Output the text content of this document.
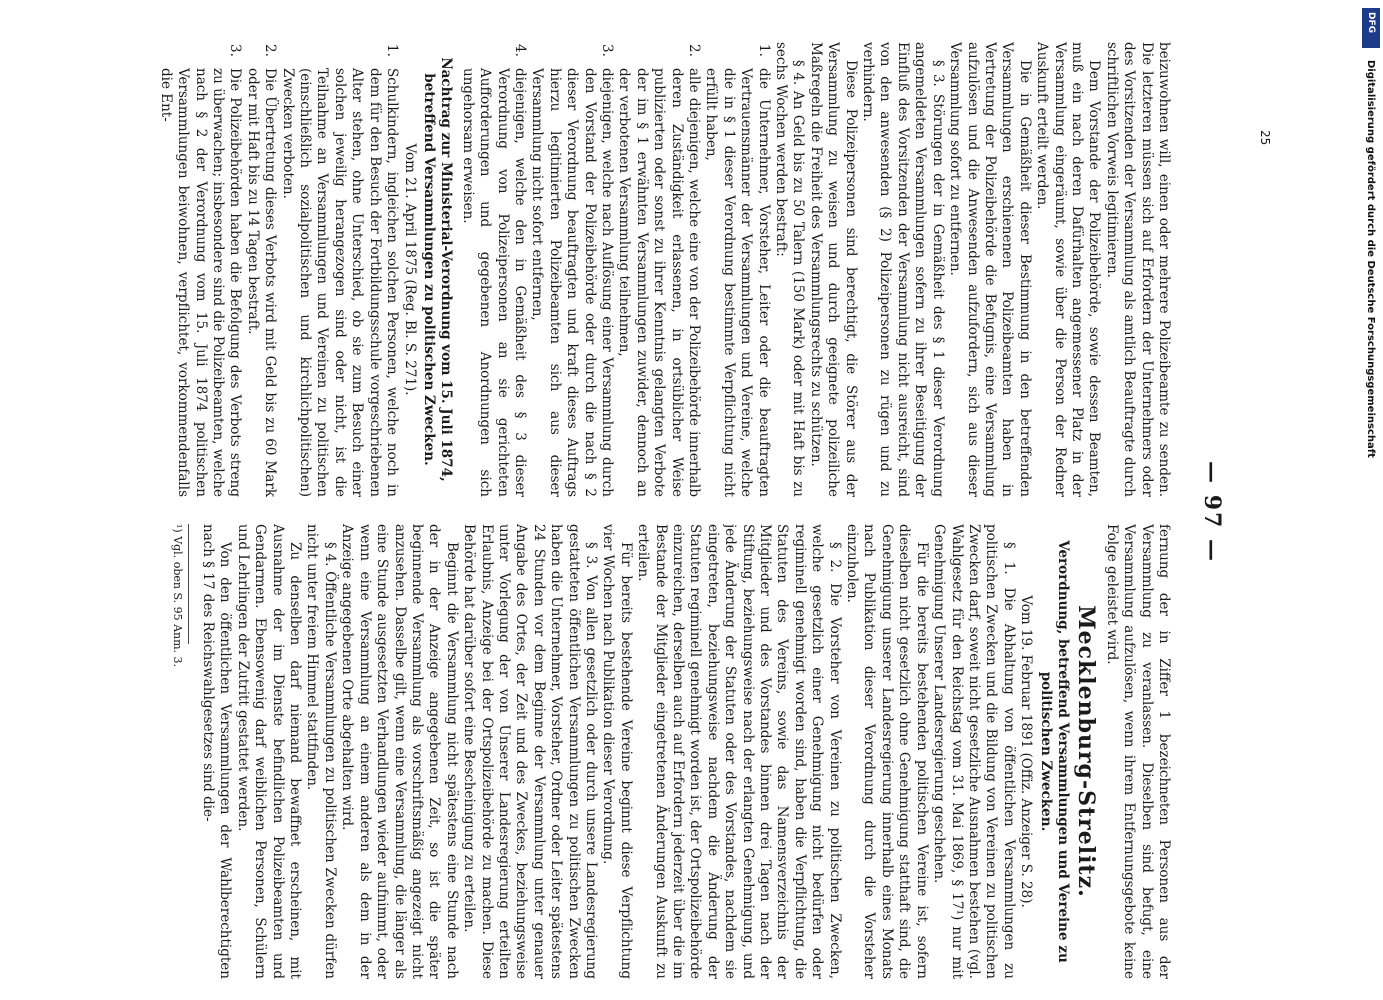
— 97 —

beizuwohnen will, einen oder mehrere Polizeibeamte zu senden. Die letzteren müssen sich auf Erfordern der Unternehmers oder des Vorsitzenden der Versammlung als amtlich Beauftragte durch schriftlichen Vorweis legitimieren.

Dem Vorstande der Polizeibehörde, sowie dessen Beamten, muß ein nach deren Dafürhalten angemessener Platz in der Versammlung eingeräumt, sowie über die Person der Redner Auskunft erteilt werden.

Die in Gemäßheit dieser Bestimmung in den betreffenden Versammlungen erschienenen Polizeibeamten haben in Vertretung der Polizeibehörde die Befugnis, eine Versammlung aufzulösen und die Anwesenden aufzufordern, sich aus dieser Versammlung sofort zu entfernen.

§ 3. Störungen der in Gemäßheit des § 1 dieser Verordnung angemeldeten Versammlungen sofern zu ihrer Beseitigung der Einfluß des Vorsitzenden der Versammlung nicht ausreicht, sind von den anwesenden (§ 2) Polizeipersonen zu rügen und zu verhindern.

Diese Polizeipersonen sind berechtigt, die Störer aus der Versammlung zu weisen und durch geeignete polizeiliche Maßregeln die Freiheit des Versammlungsrechts zu schützen.

§ 4. An Geld bis zu 50 Talern (150 Mark) oder mit Haft bis zu sechs Wochen werden bestraft:

1.
die Unternehmer, Vorsteher, Leiter oder die beauftragten Vertrauensmänner der Versammlungen und Vereine, welche die in § 1 dieser Verordnung bestimmte Verpflichtung nicht erfüllt haben,
2.
alle diejenigen, welche eine von der Polizeibehörde innerhalb deren Zuständigkeit erlassenen, in ortsüblicher Weise publizierten oder sonst zu ihrer Kenntnis gelangten Verbote der im § 1 erwähnten Versammlungen zuwider, dennoch an der verbotenen Versammlung teilnehmen,
3.
diejenigen, welche nach Auflösung einer Versammlung durch den Vorstand der Polizeibehörde oder durch die nach § 2 dieser Verordnung beauftragten und kraft dieses Auftrags hierzu legitimierten Polizeibeamten sich aus dieser Versammlung nicht sofort entfernen,
4.
diejenigen, welche den in Gemäßheit des § 3 dieser Verordnung von Polizeipersonen an sie gerichteten Aufforderungen und gegebenen Anordnungen sich ungehorsam erweisen.

Nachtrag zur Ministerial-Verordnung vom 15. Juli 1874, betreffend Versammlungen zu politischen Zwecken.

Vom 21. April 1875 (Reg. Bl. S. 271).

1.
Schulkindern, ingleichen solchen Personen, welche noch in dem für den Besuch der Fortbildungsschule vorgeschriebenen Alter stehen, ohne Unterschied, ob sie zum Besuch einer solchen jeweilig herangezogen sind oder nicht, ist die Teilnahme an Versammlungen und Vereinen zu politischen (einschließlich sozialpolitischen und kirchlichpolitischen) Zwecken verboten.
2.
Die Übertretung dieses Verbots wird mit Geld bis zu 60 Mark oder mit Haft bis zu 14 Tagen bestraft.
3.
Die Polizeibehörden haben die Befolgung des Verbots streng zu überwachen; insbesondere sind die Polizeibeamten, welche nach § 2 der Verordnung vom 15. Juli 1874 politischen Versammlungen beiwohnen, verpflichtet, vorkommendenfalls die Ent-

fernung der in Ziffer 1 bezeichneten Personen aus der Versammlung zu veranlassen. Dieselben sind befugt, eine Versammlung aufzulösen, wenn ihrem Entfernungsgebote keine Folge geleistet wird.

Mecklenburg-Strelitz.

Verordnung, betreffend Versammlungen und Vereine zu politischen Zwecken.

Vom 19. Februar 1891 (Offiz. Anzeiger S. 28).

§ 1. Die Abhaltung von öffentlichen Versammlungen zu politischen Zwecken und die Bildung von Vereinen zu politischen Zwecken darf, soweit nicht gesetzliche Ausnahmen bestehen (vgl. Wahlgesetz für den Reichstag vom 31. Mai 1869, § 17¹) nur mit Genehmigung Unserer Landesregierung geschehen.

Für die bereits bestehenden politischen Vereine ist, sofern dieselben nicht gesetzlich ohne Genehmigung statthaft sind, die Genehmigung unserer Landesregierung innerhalb eines Monats nach Publikation dieser Verordnung durch die Vorsteher einzuholen.

§ 2. Die Vorsteher von Vereinen zu politischen Zwecken, welche gesetzlich einer Genehmigung nicht bedürfen oder regiminell genehmigt worden sind, haben die Verpflichtung, die Statuten des Vereins, sowie das Namensverzeichnis der Mitglieder und des Vorstandes binnen drei Tagen nach der Stiftung, beziehungsweise nach der erlangten Genehmigung, und jede Änderung der Statuten oder des Vorstandes, nachdem sie eingetreten, beziehungsweise nachdem die Änderung der Statuten regiminell genehmigt worden ist, der Ortspolizeibehörde einzureichen, derselben auch auf Erfordern jederzeit über die im Bestande der Mitglieder eingetretenen Änderungen Auskunft zu erteilen.

Für bereits bestehende Vereine beginnt diese Verpflichtung vier Wochen nach Publikation dieser Verordnung.

§ 3. Von allen gesetzlich oder durch unsere Landesregierung gestatteten öffentlichen Versammlungen zu politischen Zwecken haben die Unternehmer, Vorsteher, Ordner oder Leiter spätestens 24 Stunden vor dem Beginne der Versammlung unter genauer Angabe des Ortes, der Zeit und des Zweckes, beziehungsweise unter Vorlegung der von Unserer Landesregierung erteilten Erlaubnis, Anzeige bei der Ortspolizeibehörde zu machen. Diese Behörde hat darüber sofort eine Bescheinigung zu erteilen.

Beginnt die Versammlung nicht spätestens eine Stunde nach der in der Anzeige angegebenen Zeit, so ist die später beginnende Versammlung als vorschriftsmäßig angezeigt nicht anzusehen. Dasselbe gilt, wenn eine Versammlung, die länger als eine Stunde ausgesetzten Verhandlungen wieder aufnimmt, oder wenn eine Versammlung an einem anderen als dem in der Anzeige angegebenen Orte abgehalten wird.

§ 4. Öffentliche Versammlungen zu politischen Zwecken dürfen nicht unter freiem Himmel stattfinden.

Zu denselben darf niemand bewaffnet erscheinen, mit Ausnahme der im Dienste befindlichen Polizeibeamten und Gendarmen. Ebensowenig darf weiblichen Personen, Schülern und Lehrlingen der Zutritt gestattet werden.

Von den öffentlichen Versammlungen der Wahlberechtigten nach § 17 des Reichswahlgesetzes sind die-

¹) Vgl. oben S. 95 Anm. 3.

25
DFG
Digitalisierung gefördert durch die Deutsche Forschungsgemeinschaft
